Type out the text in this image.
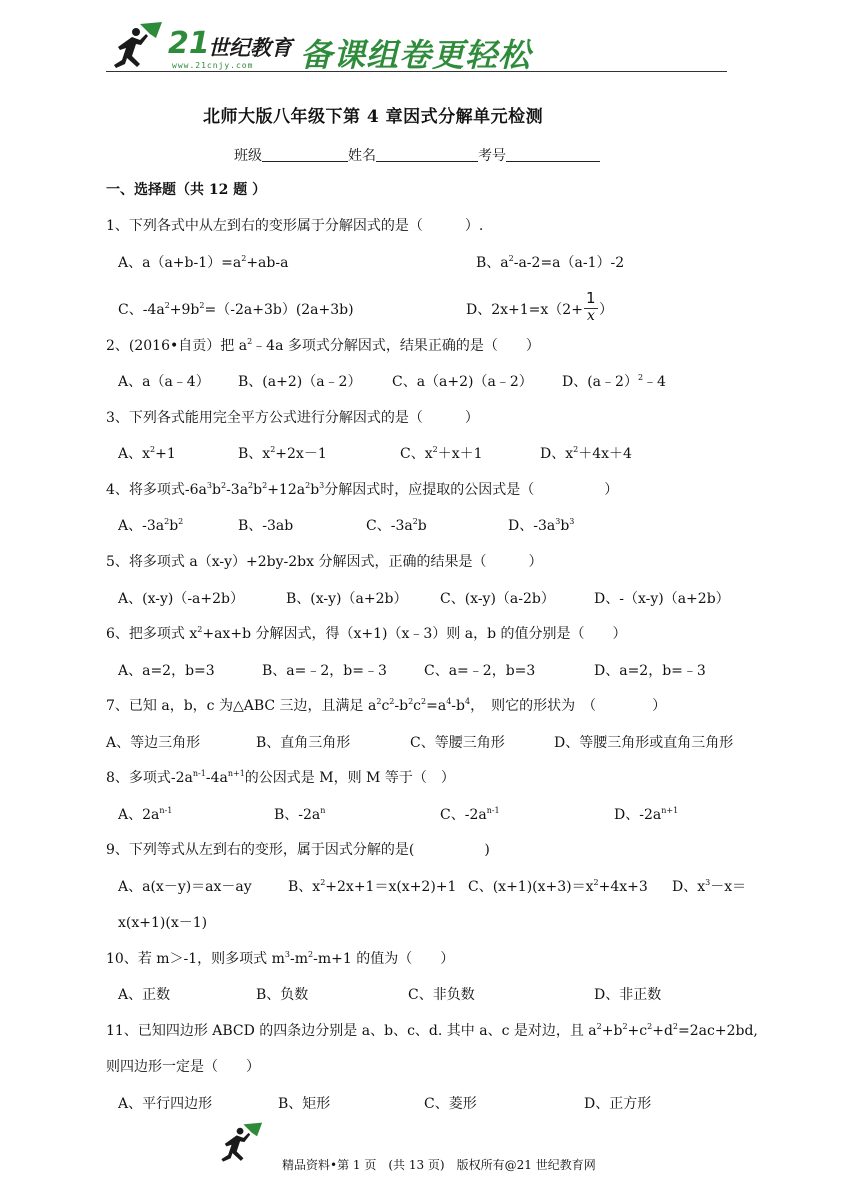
21
世纪教育
www.21cnjy.com 备课组卷更轻松
北师大版八年级下第 4 章因式分解单元检测
班级	姓名	考号
一、选择题（共 12 题 ）
1、下列各式中从左到右的变形属于分解因式的是（　　　）.
A、$a(a+b-1)=a^2+ab-a$	B、$a^2-a-2=a(a-1)-2$
C、$-4a^2+9b^2=(-2a+3b)(2a+3b)$	D、$2x+1=x(2+ \frac{1}{x}$ ）
2、(2016•自贡）把 $a^2﹣4a$ 多项式分解因式，结果正确的是（　　）
A、a（a﹣4） B、(a+2)（a﹣2） C、a（a+2)（a﹣2） D、(a﹣2）$^2$﹣4
3、下列各式能用完全平方公式进行分解因式的是（　　　）
A、$x^2+1$	B、$x^2+2x-1$	C、$x^2+x+1$	D、$x^2+4x+4$
4、将多项式$-6a^3b^2-3a^2b^2+12a^2b^3$分解因式时，应提取的公因式是（　　　　　）
A、$-3a^2b^2$	B、-3ab	C、$-3a^2b$	D、$-3a^3b^3$
5、将多项式 a（x-y）+2by-2bx 分解因式，正确的结果是（　　　）
A、(x-y)（-a+2b）	B、(x-y)（a+2b） C、(x-y)（a-2b）	D、-（x-y)（a+2b）
6、把多项式 $x^2+ax+b$ 分解因式，得（x+1)（x﹣3）则 a，b 的值分别是（　　）
A、a=2，b=3	B、a=﹣2，b=﹣3	C、a=﹣2，b=3	D、a=2，b=﹣3
7、已知 a，b，c 为△ABC 三边，且满足 $a^2c^2-b^2c^2=a^4-b^4$，　则它的形状为　（　　　　）
A、等边三角形	B、直角三角形	C、等腰三角形	D、等腰三角形或直角三角形
8、多项式$-2a^{n-1}-4a^{n+1}$的公因式是 M，则 M 等于（　）
A、$2a^{n-1}$	B、$-2a^n$	C、$-2a^{n-1}$	D、$-2a^{n+1}$
9、下列等式从左到右的变形，属于因式分解的是(　　　　　)
A、a(x－y)＝ax－ay	B、$x^2+2x+1=x(x+2)+1$ C、$(x+1)(x+3)=x^2+4x+3$ D、$x^3-x=$
x(x+1)(x－1)
10、若 m＞-1，则多项式 $m^3-m^2-m+1$ 的值为（　　）
A、正数	B、负数	C、非负数	D、非正数
11、已知四边形 ABCD 的四条边分别是 a、b、c、d. 其中 a、c 是对边，且 $a^2+b^2+c^2+d^2=2ac+2bd$,
则四边形一定是（　　）
A、平行四边形	B、矩形	C、菱形	D、正方形
精品资料•第 1 页　(共 13 页)　版权所有@21 世纪教育网
